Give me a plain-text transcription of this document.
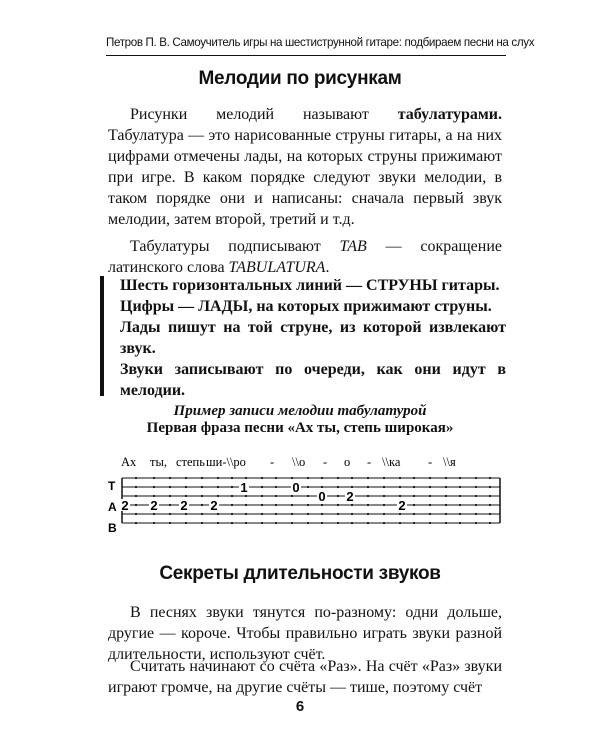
Петров П. В. Самоучитель игры на шестиструнной гитаре: подбираем песни на слух
Мелодии по рисункам
Рисунки мелодий называют табулатурами. Табулатура — это нарисованные струны гитары, а на них цифрами отмечены лады, на которых струны прижимают при игре. В каком порядке следуют звуки мелодии, в таком порядке они и написаны: сначала первый звук мелодии, затем второй, третий и т.д.
Табулатуры подписывают TAB — сокращение латинского слова TABULATURA.
Шесть горизонтальных линий — СТРУНЫ гитары.
Цифры — ЛАДЫ, на которых прижимают струны.
Лады пишут на той струне, из которой извлекают звук.
Звуки записывают по очереди, как они идут в мелодии.
Пример записи мелодии табулатурой
Первая фраза песни «Ах ты, степь широкая»
T
A
B
Ах ты, степь ши-\\ро - \\о - о - \\ка - \\я
2 2 2 2
1	0
0 2
2
Секреты длительности звуков
В песнях звуки тянутся по-разному: одни дольше, другие — короче. Чтобы правильно играть звуки разной длительности, используют счёт.
Считать начинают со счёта «Раз». На счёт «Раз» звуки играют громче, на другие счёты — тише, поэтому счёт
6
